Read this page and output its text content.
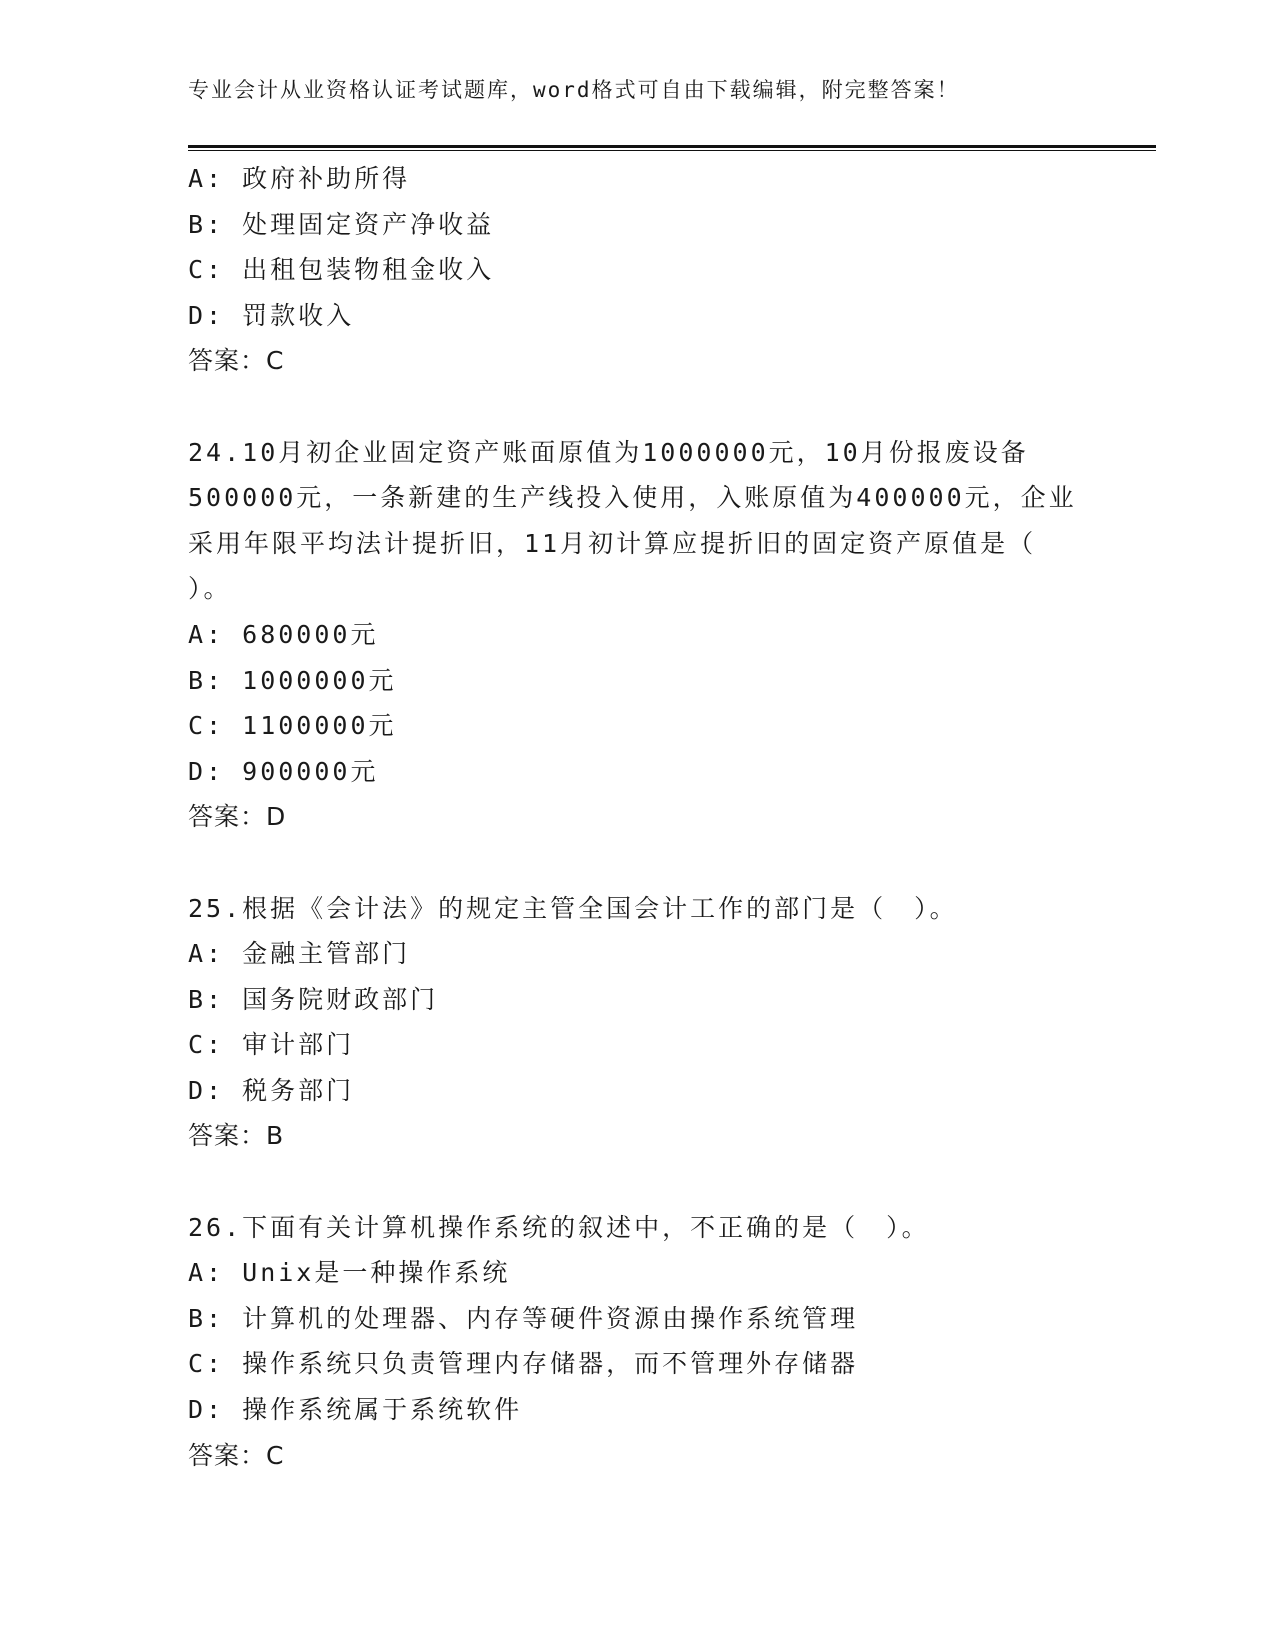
专业会计从业资格认证考试题库，word格式可自由下载编辑，附完整答案！
A: 政府补助所得
B: 处理固定资产净收益
C: 出租包装物租金收入
D: 罚款收入
答案：C
24.10月初企业固定资产账面原值为1000000元，10月份报废设备
500000元，一条新建的生产线投入使用，入账原值为400000元，企业
采用年限平均法计提折旧，11月初计算应提折旧的固定资产原值是（
）。
A: 680000元
B: 1000000元
C: 1100000元
D: 900000元
答案：D
25.根据《会计法》的规定主管全国会计工作的部门是（　）。
A: 金融主管部门
B: 国务院财政部门
C: 审计部门
D: 税务部门
答案：B
26.下面有关计算机操作系统的叙述中，不正确的是（　）。
A: Unix是一种操作系统
B: 计算机的处理器、内存等硬件资源由操作系统管理
C: 操作系统只负责管理内存储器，而不管理外存储器
D: 操作系统属于系统软件
答案：C
